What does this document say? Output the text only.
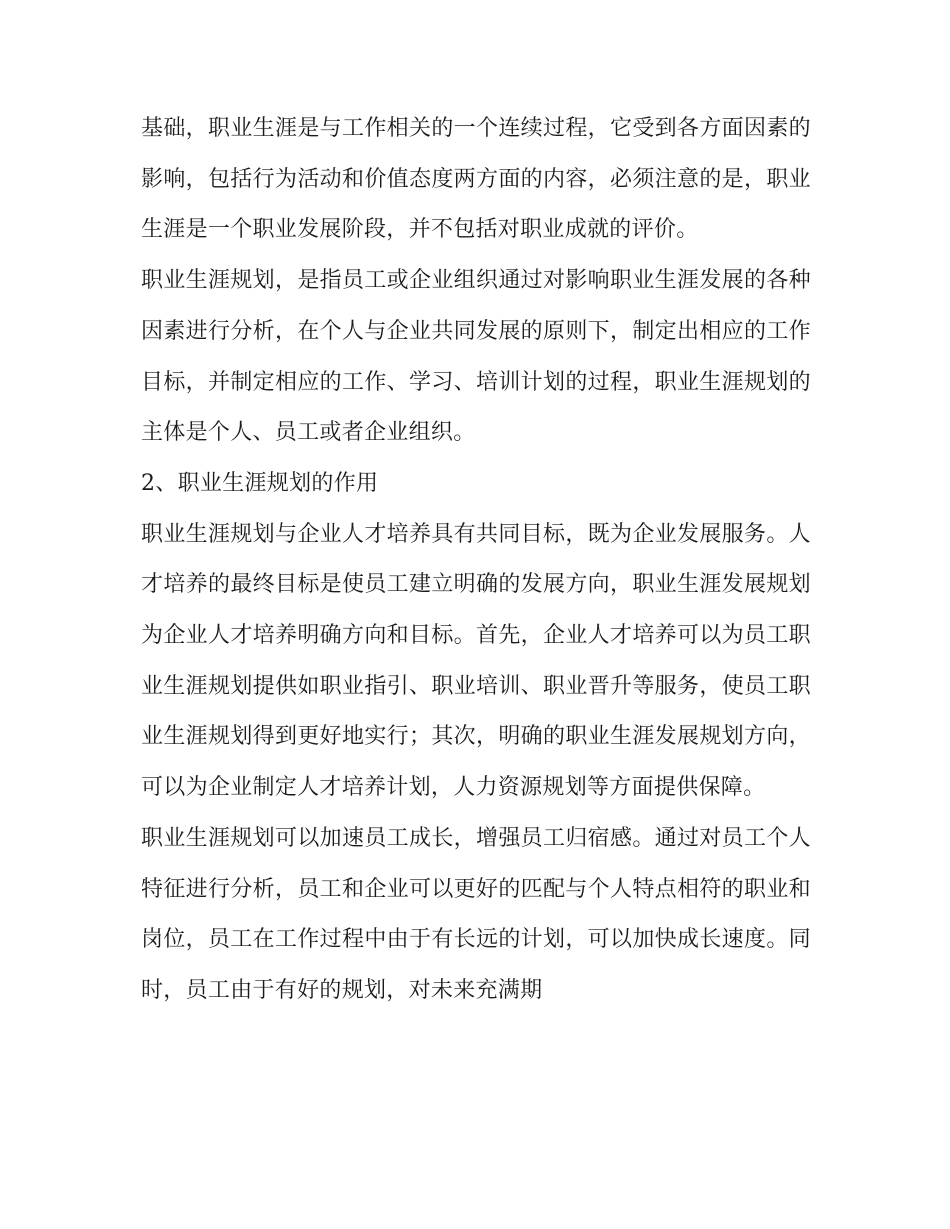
基础，职业生涯是与工作相关的一个连续过程，它受到各方面因素的影响，包括行为活动和价值态度两方面的内容，必须注意的是，职业生涯是一个职业发展阶段，并不包括对职业成就的评价。

职业生涯规划，是指员工或企业组织通过对影响职业生涯发展的各种因素进行分析，在个人与企业共同发展的原则下，制定出相应的工作目标，并制定相应的工作、学习、培训计划的过程，职业生涯规划的主体是个人、员工或者企业组织。

2、职业生涯规划的作用

职业生涯规划与企业人才培养具有共同目标，既为企业发展服务。人才培养的最终目标是使员工建立明确的发展方向，职业生涯发展规划为企业人才培养明确方向和目标。首先，企业人才培养可以为员工职业生涯规划提供如职业指引、职业培训、职业晋升等服务，使员工职业生涯规划得到更好地实行；其次，明确的职业生涯发展规划方向，可以为企业制定人才培养计划，人力资源规划等方面提供保障。

职业生涯规划可以加速员工成长，增强员工归宿感。通过对员工个人特征进行分析，员工和企业可以更好的匹配与个人特点相符的职业和岗位，员工在工作过程中由于有长远的计划，可以加快成长速度。同时，员工由于有好的规划，对未来充满期
